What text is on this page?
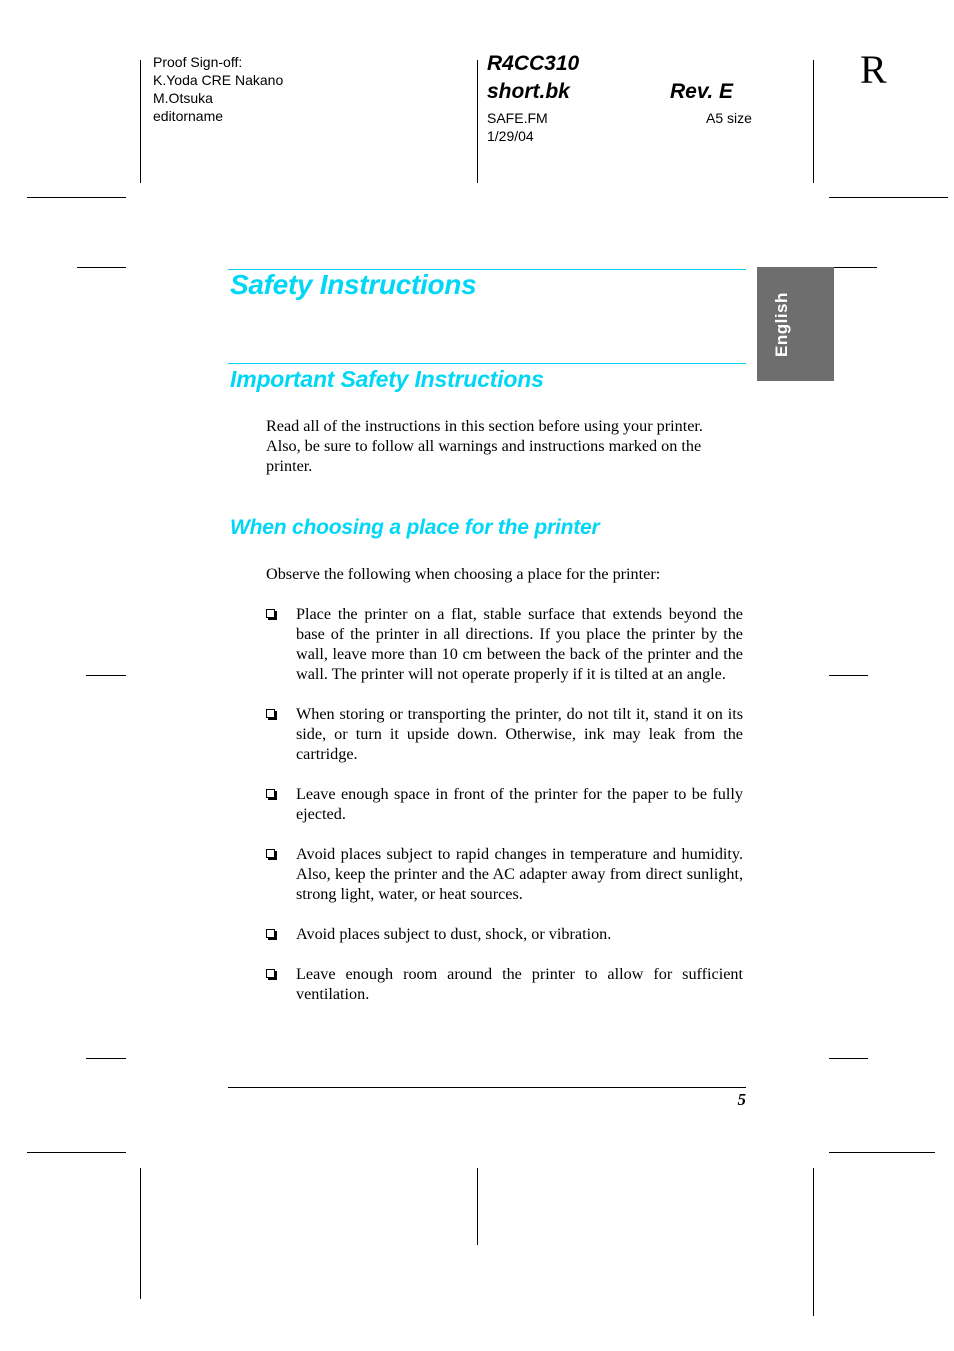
Proof Sign-off:
K.Yoda CRE Nakano
M.Otsuka
editorname
R4CC310
short.bk	Rev. E
SAFE.FM
1/29/04
A5 size
R
English
Safety Instructions
Important Safety Instructions
Read all of the instructions in this section before using your printer. Also, be sure to follow all warnings and instructions marked on the printer.
When choosing a place for the printer
Observe the following when choosing a place for the printer:
Place the printer on a flat, stable surface that extends beyond the base of the printer in all directions. If you place the printer by the wall, leave more than 10 cm between the back of the printer and the wall. The printer will not operate properly if it is tilted at an angle.
When storing or transporting the printer, do not tilt it, stand it on its side, or turn it upside down. Otherwise, ink may leak from the cartridge.
Leave enough space in front of the printer for the paper to be fully ejected.
Avoid places subject to rapid changes in temperature and humidity. Also, keep the printer and the AC adapter away from direct sunlight, strong light, water, or heat sources.
Avoid places subject to dust, shock, or vibration.
Leave enough room around the printer to allow for sufficient ventilation.
5
